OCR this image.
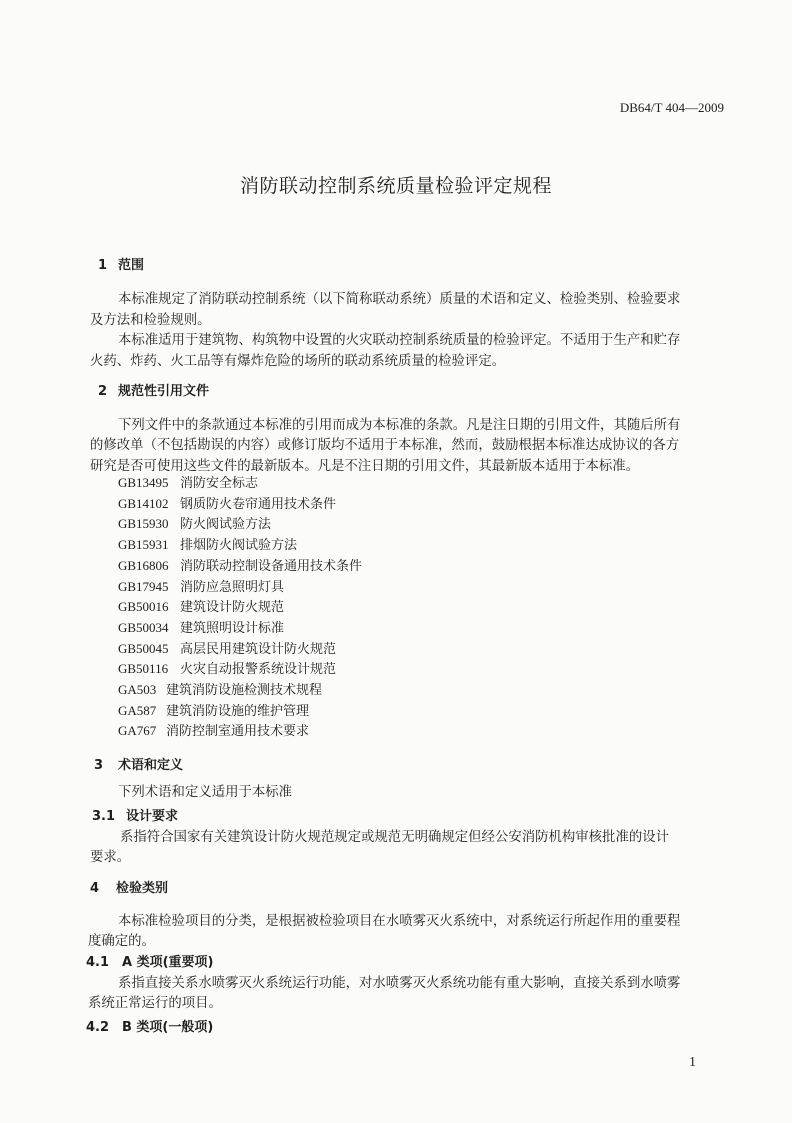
DB64/T 404—2009
消防联动控制系统质量检验评定规程
1 范围
本标准规定了消防联动控制系统（以下简称联动系统）质量的术语和定义、检验类别、检验要求
及方法和检验规则。
本标准适用于建筑物、构筑物中设置的火灾联动控制系统质量的检验评定。不适用于生产和贮存
火药、炸药、火工品等有爆炸危险的场所的联动系统质量的检验评定。
2 规范性引用文件
下列文件中的条款通过本标准的引用而成为本标准的条款。凡是注日期的引用文件，其随后所有
的修改单（不包括勘误的内容）或修订版均不适用于本标准，然而，鼓励根据本标准达成协议的各方
研究是否可使用这些文件的最新版本。凡是不注日期的引用文件，其最新版本适用于本标准。
GB13495 消防安全标志
GB14102 钢质防火卷帘通用技术条件
GB15930 防火阀试验方法
GB15931 排烟防火阀试验方法
GB16806 消防联动控制设备通用技术条件
GB17945 消防应急照明灯具
GB50016 建筑设计防火规范
GB50034 建筑照明设计标准
GB50045 高层民用建筑设计防火规范
GB50116 火灾自动报警系统设计规范
GA503 建筑消防设施检测技术规程
GA587 建筑消防设施的维护管理
GA767 消防控制室通用技术要求
3 术语和定义
下列术语和定义适用于本标准
3.1 设计要求
系指符合国家有关建筑设计防火规范规定或规范无明确规定但经公安消防机构审核批准的设计
要求。
4 检验类别
本标准检验项目的分类，是根据被检验项目在水喷雾灭火系统中，对系统运行所起作用的重要程
度确定的。
4.1 A 类项(重要项)
系指直接关系水喷雾灭火系统运行功能，对水喷雾灭火系统功能有重大影响，直接关系到水喷雾
系统正常运行的项目。
4.2 B 类项(一般项)
1
